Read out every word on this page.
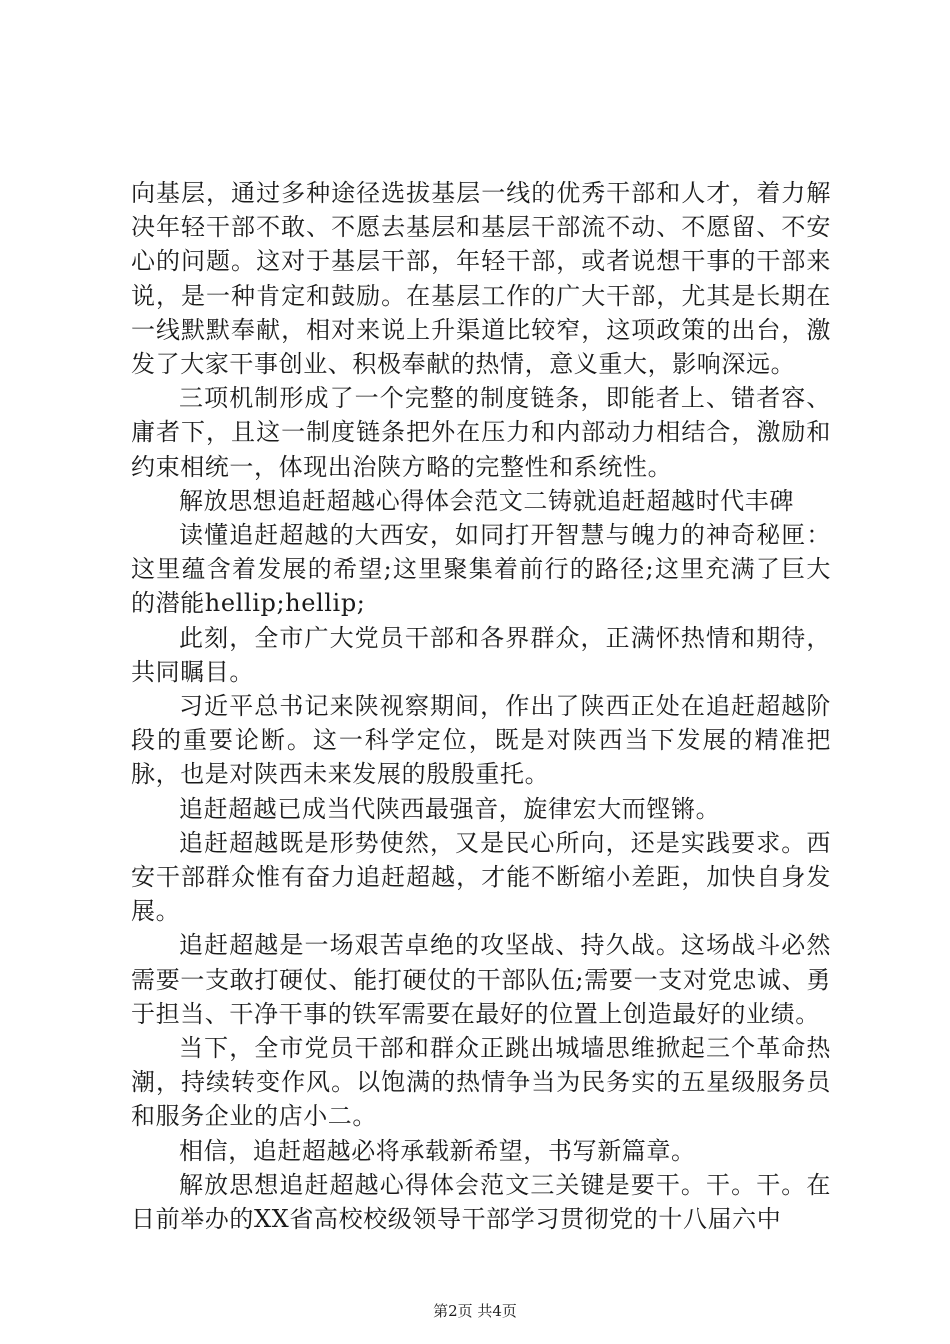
向基层，通过多种途径选拔基层一线的优秀干部和人才，着力解决年轻干部不敢、不愿去基层和基层干部流不动、不愿留、不安心的问题。这对于基层干部，年轻干部，或者说想干事的干部来说，是一种肯定和鼓励。在基层工作的广大干部，尤其是长期在一线默默奉献，相对来说上升渠道比较窄，这项政策的出台，激发了大家干事创业、积极奉献的热情，意义重大，影响深远。

三项机制形成了一个完整的制度链条，即能者上、错者容、庸者下，且这一制度链条把外在压力和内部动力相结合，激励和约束相统一，体现出治陕方略的完整性和系统性。

解放思想追赶超越心得体会范文二铸就追赶超越时代丰碑

读懂追赶超越的大西安，如同打开智慧与魄力的神奇秘匣：这里蕴含着发展的希望;这里聚集着前行的路径;这里充满了巨大的潜能hellip;hellip;

此刻，全市广大党员干部和各界群众，正满怀热情和期待，共同瞩目。

习近平总书记来陕视察期间，作出了陕西正处在追赶超越阶段的重要论断。这一科学定位，既是对陕西当下发展的精准把脉，也是对陕西未来发展的殷殷重托。

追赶超越已成当代陕西最强音，旋律宏大而铿锵。

追赶超越既是形势使然，又是民心所向，还是实践要求。西安干部群众惟有奋力追赶超越，才能不断缩小差距，加快自身发展。

追赶超越是一场艰苦卓绝的攻坚战、持久战。这场战斗必然需要一支敢打硬仗、能打硬仗的干部队伍;需要一支对党忠诚、勇于担当、干净干事的铁军需要在最好的位置上创造最好的业绩。

当下，全市党员干部和群众正跳出城墙思维掀起三个革命热潮，持续转变作风。以饱满的热情争当为民务实的五星级服务员和服务企业的店小二。

相信，追赶超越必将承载新希望，书写新篇章。

解放思想追赶超越心得体会范文三关键是要干。干。干。在日前举办的XX省高校校级领导干部学习贯彻党的十八届六中

第2页 共4页
